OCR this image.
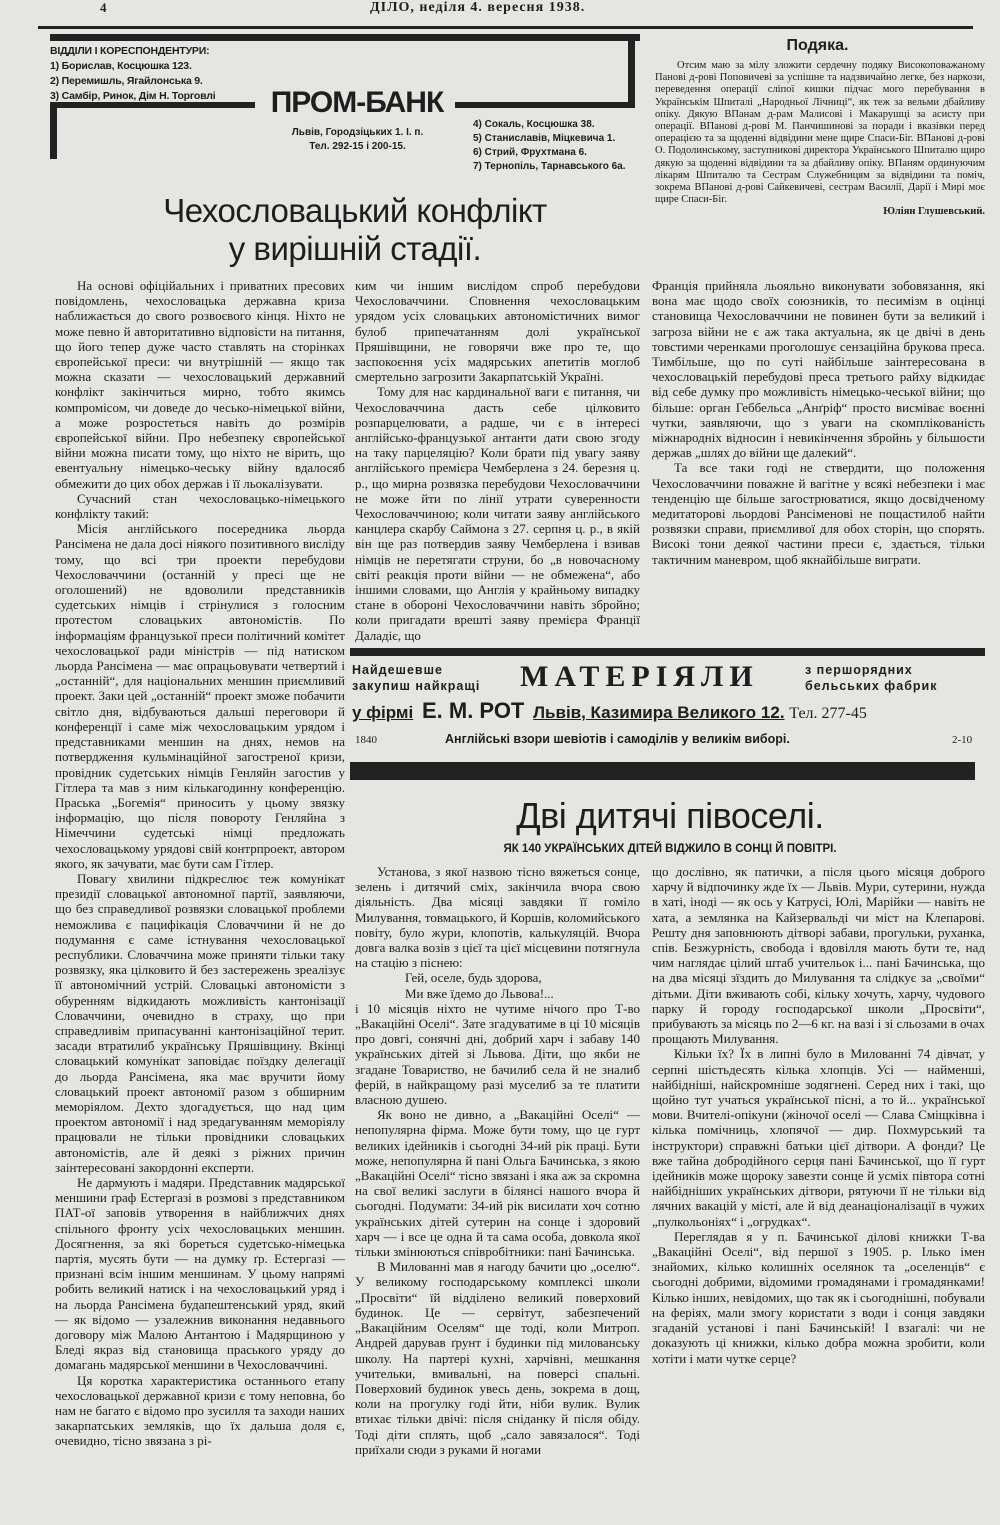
4	ДІЛО, неділя 4. вересня 1938.
ВІДДІЛИ І КОРЕСПОНДЕНТУРИ:
1) Борислав, Косцюшка 123.
2) Перемишль, Ягайлонська 9.
3) Самбір, Ринок, Дім Н. Торговлі	ПРОМ-БАНК
Львів, Городзіцьких 1. І. п.
Тел. 292-15 і 200-15.
4) Сокаль, Косцюшка 38.
5) Станиславів, Міцкевича 1.
6) Стрий, Фрухтмана 6.
7) Тернопіль, Тарнавського 6а.
Подяка.

Отсим маю за мілу зложити сердечну подяку Високоповажаному Панові д-рові Поповичеві за успішне та надзвичайно легке, без наркози, переведення операції сліпої кишки підчас мого перебування в Українськім Шпиталі „Народньої Лічниці“, як теж за вельми дбайливу опіку. Дякую ВПанам д-рам Малисові і Макарушці за асисту при операції. ВПанові д-рові М. Панчишинові за поради і вказівки перед операцією та за щоденні відвідини мене щире Спаси-Біг. ВПанові д-рові О. Подолинському, заступникові директора Українського Шпиталю щиро дякую за щоденні відвідини та за дбайливу опіку. ВПаням ординуючим лікарям Шпиталю та Сестрам Служебницям за відвідини та поміч, зокрема ВПанові д-рові Сайкевичеві, сестрам Василії, Дарії і Мирі моє щире Спаси-Біг.

Юліян Глушевський.

Чехословацький конфлікт
у вирішній стадії.

На основі офіційальних і приватних пресових повідомлень, чехословацька державна криза наближається до свого розвоєвого кінця. Ніхто не може певно й авторитативно відповісти на питання, що його тепер дуже часто ставлять на сторінках європейської преси: чи внутрішній — якщо так можна сказати — чехословацький державний конфлікт закінчиться мирно, тобто якимсь компромісом, чи доведе до чесько-німецької війни, а може розростеться навіть до розмірів європейської війни. Про небезпеку європейської війни можна писати тому, що ніхто не вірить, що евентуальну німецько-чеську війну вдалосяб обмежити до цих обох держав і її льокалізувати.

Сучасний стан чехословацько-німецького конфлікту такий:

Місія англійського посередника льорда Рансімена не дала досі ніякого позитивного висліду тому, що всі три проекти перебудови Чехословаччини (останній у пресі ще не оголошений) не вдоволили представників судетських німців і стрінулися з голосним протестом словацьких автономістів. По інформаціям французької преси політичний комітет чехословацької ради міністрів — під натиском льорда Рансімена — має опрацьовувати четвертий і „останній“, для національних меншин приємливий проект. Заки цей „останній“ проект зможе побачити світло дня, відбуваються дальші переговори й конференції і саме між чехословацьким урядом і представниками меншин на днях, немов на потвердження кульмінаційної загостреної кризи, провідник судетських німців Генляйн загостив у Гітлера та мав з ним кількагодинну конференцію. Праська „Богемія“ приносить у цьому звязку інформацію, що після повороту Генляйна з Німеччини судетські німці предложать чехословацькому урядові свій контрпроект, автором якого, як зачувати, має бути сам Гітлер.

Повагу хвилини підкреслює теж комунікат президії словацької автономної партії, заявляючи, що без справедливої розвязки словацької проблеми неможлива є пацифікація Словаччини й не до подумання є саме істнування чехословацької республики. Словаччина може приняти тільки таку розвязку, яка цілковито й без застережень зреалізує її автономічний устрій. Словацькі автономісти з обуренням відкидають можливість кантонізації Словаччини, очевидно в страху, що при справедливім припасуванні кантонізаційної терит. засади втратилиб українську Пряшівщину. Вкінці словацький комунікат заповідає поїздку делегації до льорда Рансімена, яка має вручити йому словацький проект автономії разом з обширним меморіялом. Дехто здогадується, що над цим проектом автономії і над зредагуванням меморіялу працювали не тільки провідники словацьких автономістів, але й деякі з ріжних причин заінтересовані закордонні експерти.

Не дармують і мадяри. Представник мадярської меншини ґраф Естергазі в розмові з представником ПАТ-ої заповів утворення в найближчих днях спільного фронту усіх чехословацьких меншин. Досягнення, за які бореться судетсько-німецька партія, мусять бути — на думку ґр. Естергазі — признані всім іншим меншинам. У цьому напрямі робить великий натиск і на чехословацький уряд і на льорда Рансімена будапештенський уряд, який — як відомо — узалежнив виконання недавнього договору між Малою Антантою і Мадярщиною у Бледі якраз від становища праського уряду до домагань мадярської меншини в Чехословаччині.

Ця коротка характеристика останнього етапу чехословацької державної кризи є тому неповна, бо нам не багато є відомо про зусилля та заходи наших закарпатських земляків, що їх дальша доля є, очевидно, тісно звязана з рі-

ким чи іншим вислідом спроб перебудови Чехословаччини. Сповнення чехословацьким урядом усіх словацьких автономістичних вимог булоб припечатанням долі української Пряшівщини, не говорячи вже про те, що заспокоєння усіх мадярських апетитів моглоб смертельно загрозити Закарпатській Україні.

Тому для нас кардинальної ваги є питання, чи Чехословаччина дасть себе цілковито розпарцелювати, а радше, чи є в інтересі англійсько-французької антанти дати свою згоду на таку парцеляцію? Коли брати під увагу заяву англійського премієра Чемберлена з 24. березня ц. р., що мирна розвязка перебудови Чехословаччини не може йти по лінії утрати суверенности Чехословаччиною; коли читати заяву англійського канцлера скарбу Саймона з 27. серпня ц. р., в якій він ще раз потвердив заяву Чемберлена і взивав німців не перетягати струни, бо „в новочасному світі реакція проти війни — не обмежена“, або іншими словами, що Англія у крайньому випадку стане в обороні Чехословаччини навіть збройно; коли пригадати врешті заяву премієра Франції Даладіє, що

Франція прийняла льояльно виконувати зобовязання, які вона має щодо своїх союзників, то песимізм в оцінці становища Чехословаччини не повинен бути за великий і загроза війни не є аж така актуальна, як це двічі в день товстими черенками проголошує сензаційна брукова преса. Тимбільше, що по суті найбільше заінтересована в чехословацькій перебудові преса третього райху відкидає від себе думку про можливість німецько-чеської війни; що більше: орган Геббельса „Анґріф“ просто висміває воєнні чутки, заявляючи, що з уваги на скомплікованість міжнародніх відносин і невикінчення збройнь у більшости держав „шлях до війни ще далекий“.

Та все таки годі не ствердити, що положення Чехословаччини поважне й вагітне у всякі небезпеки і має тенденцію ще більше загострюватися, якщо досвідченому медитаторові льордові Рансіменові не пощастилоб найти розвязки справи, приємливої для обох сторін, що спорять. Високі тони деякої частини преси є, здається, тільки тактичним маневром, щоб якнайбільше виграти.

Найдешевше закупиш найкращі	МАТЕРІЯЛИ	з першорядних бельських фабрик
у фірмі Е. М. РОТ Львів, Казимира Великого 12. Тел. 277-45
1840	Англійські взори шевіотів і самоділів у великім виборі.	2-10
Дві дитячі півоселі.
ЯК 140 УКРАЇНСЬКИХ ДІТЕЙ ВІДЖИЛО В СОНЦІ Й ПОВІТРІ.

Установа, з якої назвою тісно вяжеться сонце, зелень і дитячий сміх, закінчила вчора свою діяльність. Два місяці завдяки її гоміло Милування, товмацького, й Коршів, коломийського повіту, було жури, клопотів, калькуляцій. Вчора довга валка возів з цієї та цієї місцевини потягнула на стацію з піснею:

Гей, оселе, будь здорова,

Ми вже їдемо до Львова!...

і 10 місяців ніхто не чутиме нічого про Т-во „Вакаційні Оселі“. Зате згадуватиме в ці 10 місяців про довгі, сонячні дні, добрий харч і забаву 140 українських дітей зі Львова. Діти, що якби не згадане Товариство, не бачилиб села й не зналиб ферій, в найкращому разі муселиб за те платити власною душею.

Як воно не дивно, а „Вакаційні Оселі“ — непопулярна фірма. Може бути тому, що це гурт великих ідейників і сьогодні 34-ий рік праці. Бути може, непопулярна й пані Ольга Бачинська, з якою „Вакаційні Оселі“ тісно звязані і яка аж за скромна на свої великі заслуги в білянсі нашого вчора й сьогодні. Подумати: 34-ий рік висилати хоч сотню українських дітей сутерин на сонце і здоровий харч — і все це одна й та сама особа, довкола якої тільки змінюються співробітники: пані Бачинська.

В Милованні мав я нагоду бачити цю „оселю“. У великому господарському комплексі школи „Просвіти“ їй відділено великий поверховий будинок. Це — сервітут, забезпечений „Вакаційним Оселям“ ще тоді, коли Митроп. Андрей дарував ґрунт і будинки під милованську школу. На партері кухні, харчівні, мешкання учительки, вмивальні, на поверсі спальні. Поверховий будинок увесь день, зокрема в дощ, коли на прогулку годі йти, ніби вулик. Вулик втихає тільки двічі: після сніданку й після обіду. Тоді діти сплять, щоб „сало завязалося“. Тоді приїхали сюди з руками й ногами

що дослівно, як патички, а після цього місяця доброго харчу й відпочинку жде їх — Львів. Мури, сутерини, нужда в хаті, іноді — як ось у Катрусі, Юлі, Марійки — навіть не хата, а землянка на Кайзервальді чи міст на Клепарові. Решту дня заповнюють дітворі забави, прогульки, руханка, спів. Безжурність, свобода і вдовілля мають бути те, над чим наглядає цілий штаб учительок і... пані Бачинська, що на два місяці зїздить до Милування та слідкує за „своїми“ дітьми. Діти вживають собі, кільку хочуть, харчу, чудового парку й городу господарської школи „Просвіти“, прибувають за місяць по 2—6 кг. на вазі і зі сльозами в очах прощають Милування.

Кільки їх? Їх в липні було в Милованні 74 дівчат, у серпні шістьдесять кілька хлопців. Усі — найменші, найбідніші, найскромніше зодягнені. Серед них і такі, що щойно тут учаться української пісні, а то й... української мови. Вчителі-опікуни (жіночої оселі — Слава Сміщківна і кілька помічниць, хлопячої — дир. Похмурський та інструктори) справжні батьки цієї дітвори. А фонди? Це вже тайна добродійного серця пані Бачинської, що її гурт ідейників може щороку завезти сонце й усміх півтора сотні найбідніших українських дітвори, рятуючи її не тільки від лячних вакацій у місті, але й від деанаціоналізації в чужих „пулкольоніях“ і „огрудках“.

Переглядав я у п. Бачинської ділові книжки Т-ва „Вакаційні Оселі“, від першої з 1905. р. Ілько імен знайомих, кілько колишніх оселянок та „оселенців“ є сьогодні добрими, відомими громадянами і громадянками! Кілько інших, невідомих, що так як і сьогоднішні, побували на феріях, мали змогу користати з води і сонця завдяки згаданій установі і пані Бачинській! І взагалі: чи не доказують ці книжки, кілько добра можна зробити, коли хотіти і мати чутке серце?
